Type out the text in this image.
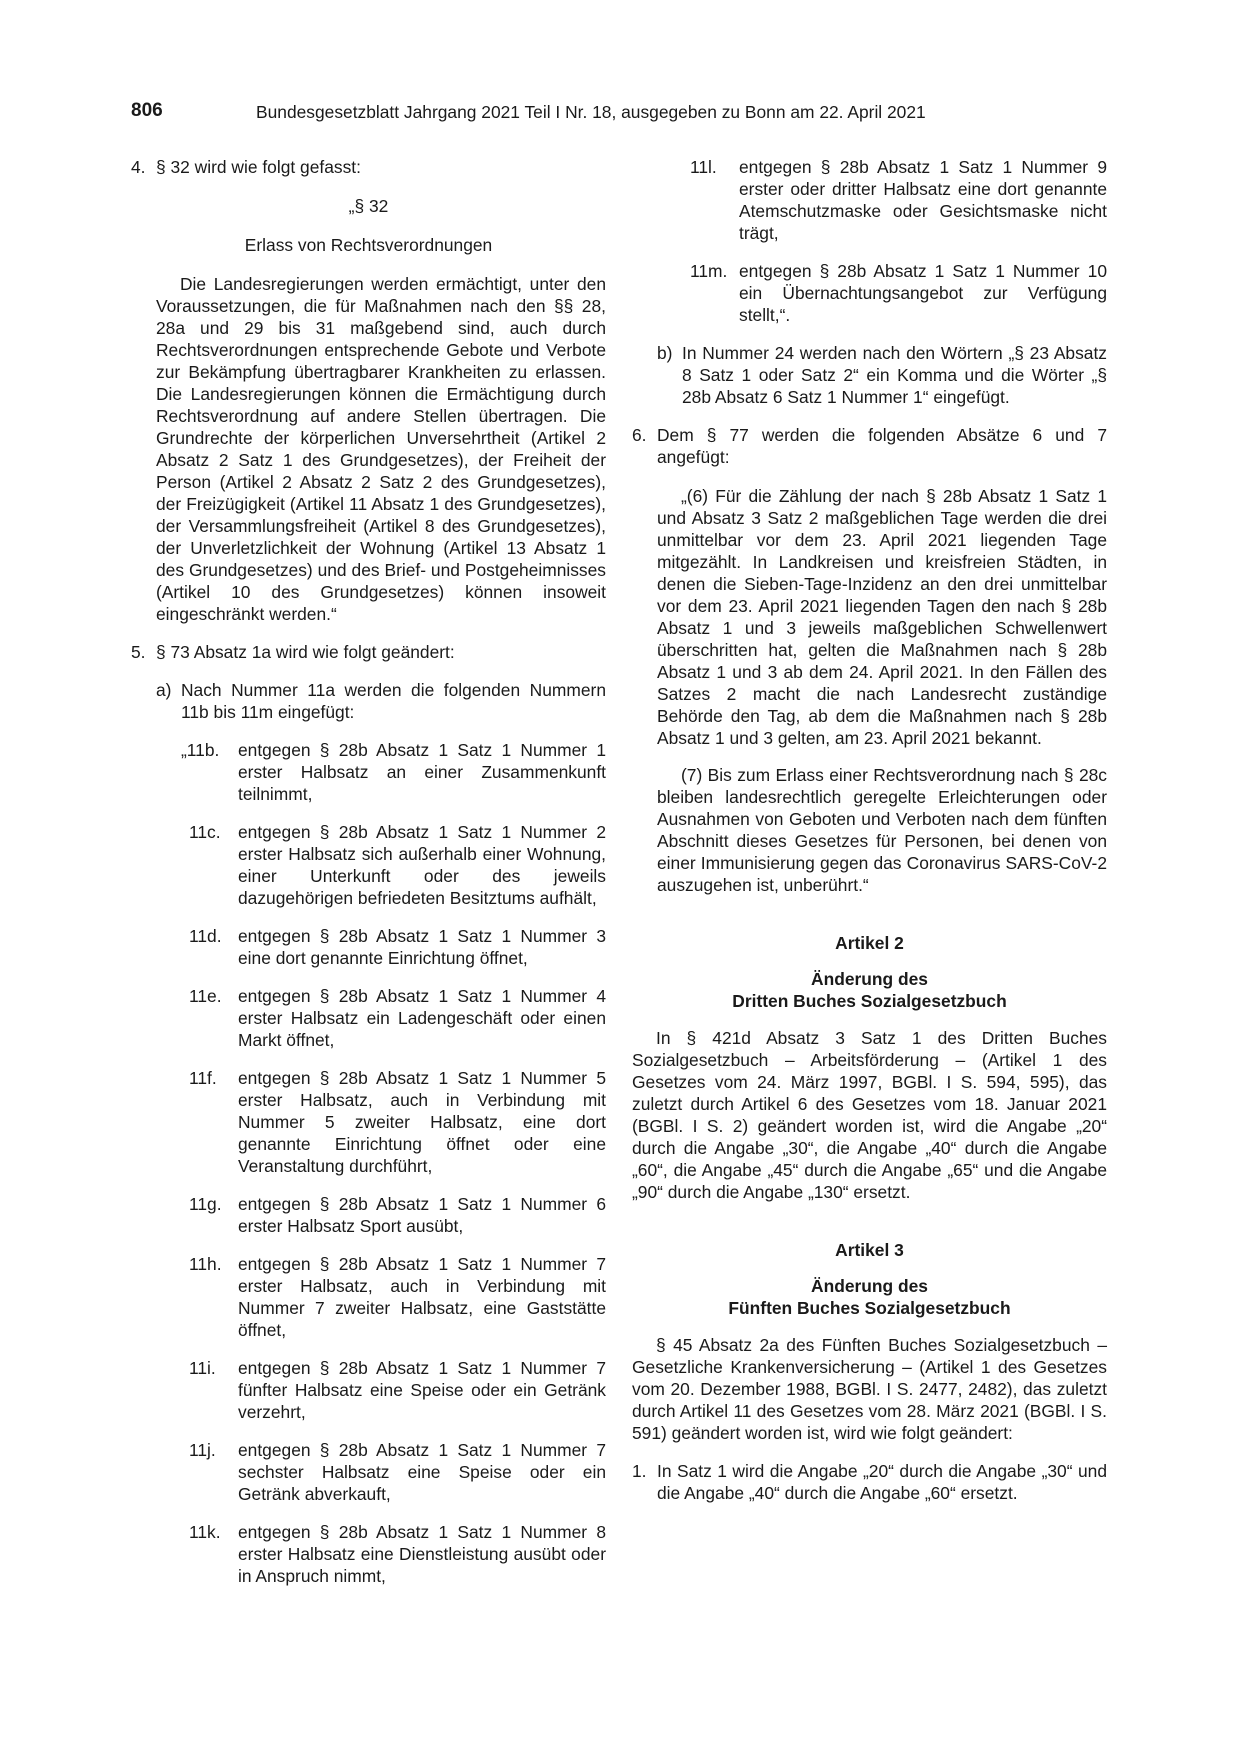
806	Bundesgesetzblatt Jahrgang 2021 Teil I Nr. 18, ausgegeben zu Bonn am 22. April 2021
4. § 32 wird wie folgt gefasst:

„§ 32

Erlass von Rechtsverordnungen

Die Landesregierungen werden ermächtigt, unter den Voraussetzungen, die für Maßnahmen nach den §§ 28, 28a und 29 bis 31 maßgebend sind, auch durch Rechtsverordnungen entsprechende Gebote und Verbote zur Bekämpfung übertragbarer Krankheiten zu erlassen. Die Landesregierungen können die Ermächtigung durch Rechtsverordnung auf andere Stellen übertragen. Die Grundrechte der körperlichen Unversehrtheit (Artikel 2 Absatz 2 Satz 1 des Grundgesetzes), der Freiheit der Person (Artikel 2 Absatz 2 Satz 2 des Grundgesetzes), der Freizügigkeit (Artikel 11 Absatz 1 des Grundgesetzes), der Versammlungsfreiheit (Artikel 8 des Grundgesetzes), der Unverletzlichkeit der Wohnung (Artikel 13 Absatz 1 des Grundgesetzes) und des Brief- und Postgeheimnisses (Artikel 10 des Grundgesetzes) können insoweit eingeschränkt werden.“

5. § 73 Absatz 1a wird wie folgt geändert:

a) Nach Nummer 11a werden die folgenden Nummern 11b bis 11m eingefügt:

„11b. entgegen § 28b Absatz 1 Satz 1 Nummer 1 erster Halbsatz an einer Zusammenkunft teilnimmt,

11c. entgegen § 28b Absatz 1 Satz 1 Nummer 2 erster Halbsatz sich außerhalb einer Wohnung, einer Unterkunft oder des jeweils dazugehörigen befriedeten Besitztums aufhält,

11d. entgegen § 28b Absatz 1 Satz 1 Nummer 3 eine dort genannte Einrichtung öffnet,

11e. entgegen § 28b Absatz 1 Satz 1 Nummer 4 erster Halbsatz ein Ladengeschäft oder einen Markt öffnet,

11f. entgegen § 28b Absatz 1 Satz 1 Nummer 5 erster Halbsatz, auch in Verbindung mit Nummer 5 zweiter Halbsatz, eine dort genannte Einrichtung öffnet oder eine Veranstaltung durchführt,

11g. entgegen § 28b Absatz 1 Satz 1 Nummer 6 erster Halbsatz Sport ausübt,

11h. entgegen § 28b Absatz 1 Satz 1 Nummer 7 erster Halbsatz, auch in Verbindung mit Nummer 7 zweiter Halbsatz, eine Gaststätte öffnet,

11i. entgegen § 28b Absatz 1 Satz 1 Nummer 7 fünfter Halbsatz eine Speise oder ein Getränk verzehrt,

11j. entgegen § 28b Absatz 1 Satz 1 Nummer 7 sechster Halbsatz eine Speise oder ein Getränk abverkauft,

11k. entgegen § 28b Absatz 1 Satz 1 Nummer 8 erster Halbsatz eine Dienstleistung ausübt oder in Anspruch nimmt,

11l. entgegen § 28b Absatz 1 Satz 1 Nummer 9 erster oder dritter Halbsatz eine dort genannte Atemschutzmaske oder Gesichtsmaske nicht trägt,

11m. entgegen § 28b Absatz 1 Satz 1 Nummer 10 ein Übernachtungsangebot zur Verfügung stellt,“.

b) In Nummer 24 werden nach den Wörtern „§ 23 Absatz 8 Satz 1 oder Satz 2“ ein Komma und die Wörter „§ 28b Absatz 6 Satz 1 Nummer 1“ eingefügt.

6. Dem § 77 werden die folgenden Absätze 6 und 7 angefügt:

„(6) Für die Zählung der nach § 28b Absatz 1 Satz 1 und Absatz 3 Satz 2 maßgeblichen Tage werden die drei unmittelbar vor dem 23. April 2021 liegenden Tage mitgezählt. In Landkreisen und kreisfreien Städten, in denen die Sieben-Tage-Inzidenz an den drei unmittelbar vor dem 23. April 2021 liegenden Tagen den nach § 28b Absatz 1 und 3 jeweils maßgeblichen Schwellenwert überschritten hat, gelten die Maßnahmen nach § 28b Absatz 1 und 3 ab dem 24. April 2021. In den Fällen des Satzes 2 macht die nach Landesrecht zuständige Behörde den Tag, ab dem die Maßnahmen nach § 28b Absatz 1 und 3 gelten, am 23. April 2021 bekannt.

(7) Bis zum Erlass einer Rechtsverordnung nach § 28c bleiben landesrechtlich geregelte Erleichterungen oder Ausnahmen von Geboten und Verboten nach dem fünften Abschnitt dieses Gesetzes für Personen, bei denen von einer Immunisierung gegen das Coronavirus SARS-CoV-2 auszugehen ist, unberührt.“

Artikel 2

Änderung des

Dritten Buches Sozialgesetzbuch

In § 421d Absatz 3 Satz 1 des Dritten Buches Sozialgesetzbuch – Arbeitsförderung – (Artikel 1 des Gesetzes vom 24. März 1997, BGBl. I S. 594, 595), das zuletzt durch Artikel 6 des Gesetzes vom 18. Januar 2021 (BGBl. I S. 2) geändert worden ist, wird die Angabe „20“ durch die Angabe „30“, die Angabe „40“ durch die Angabe „60“, die Angabe „45“ durch die Angabe „65“ und die Angabe „90“ durch die Angabe „130“ ersetzt.

Artikel 3

Änderung des

Fünften Buches Sozialgesetzbuch

§ 45 Absatz 2a des Fünften Buches Sozialgesetzbuch – Gesetzliche Krankenversicherung – (Artikel 1 des Gesetzes vom 20. Dezember 1988, BGBl. I S. 2477, 2482), das zuletzt durch Artikel 11 des Gesetzes vom 28. März 2021 (BGBl. I S. 591) geändert worden ist, wird wie folgt geändert:

1. In Satz 1 wird die Angabe „20“ durch die Angabe „30“ und die Angabe „40“ durch die Angabe „60“ ersetzt.
